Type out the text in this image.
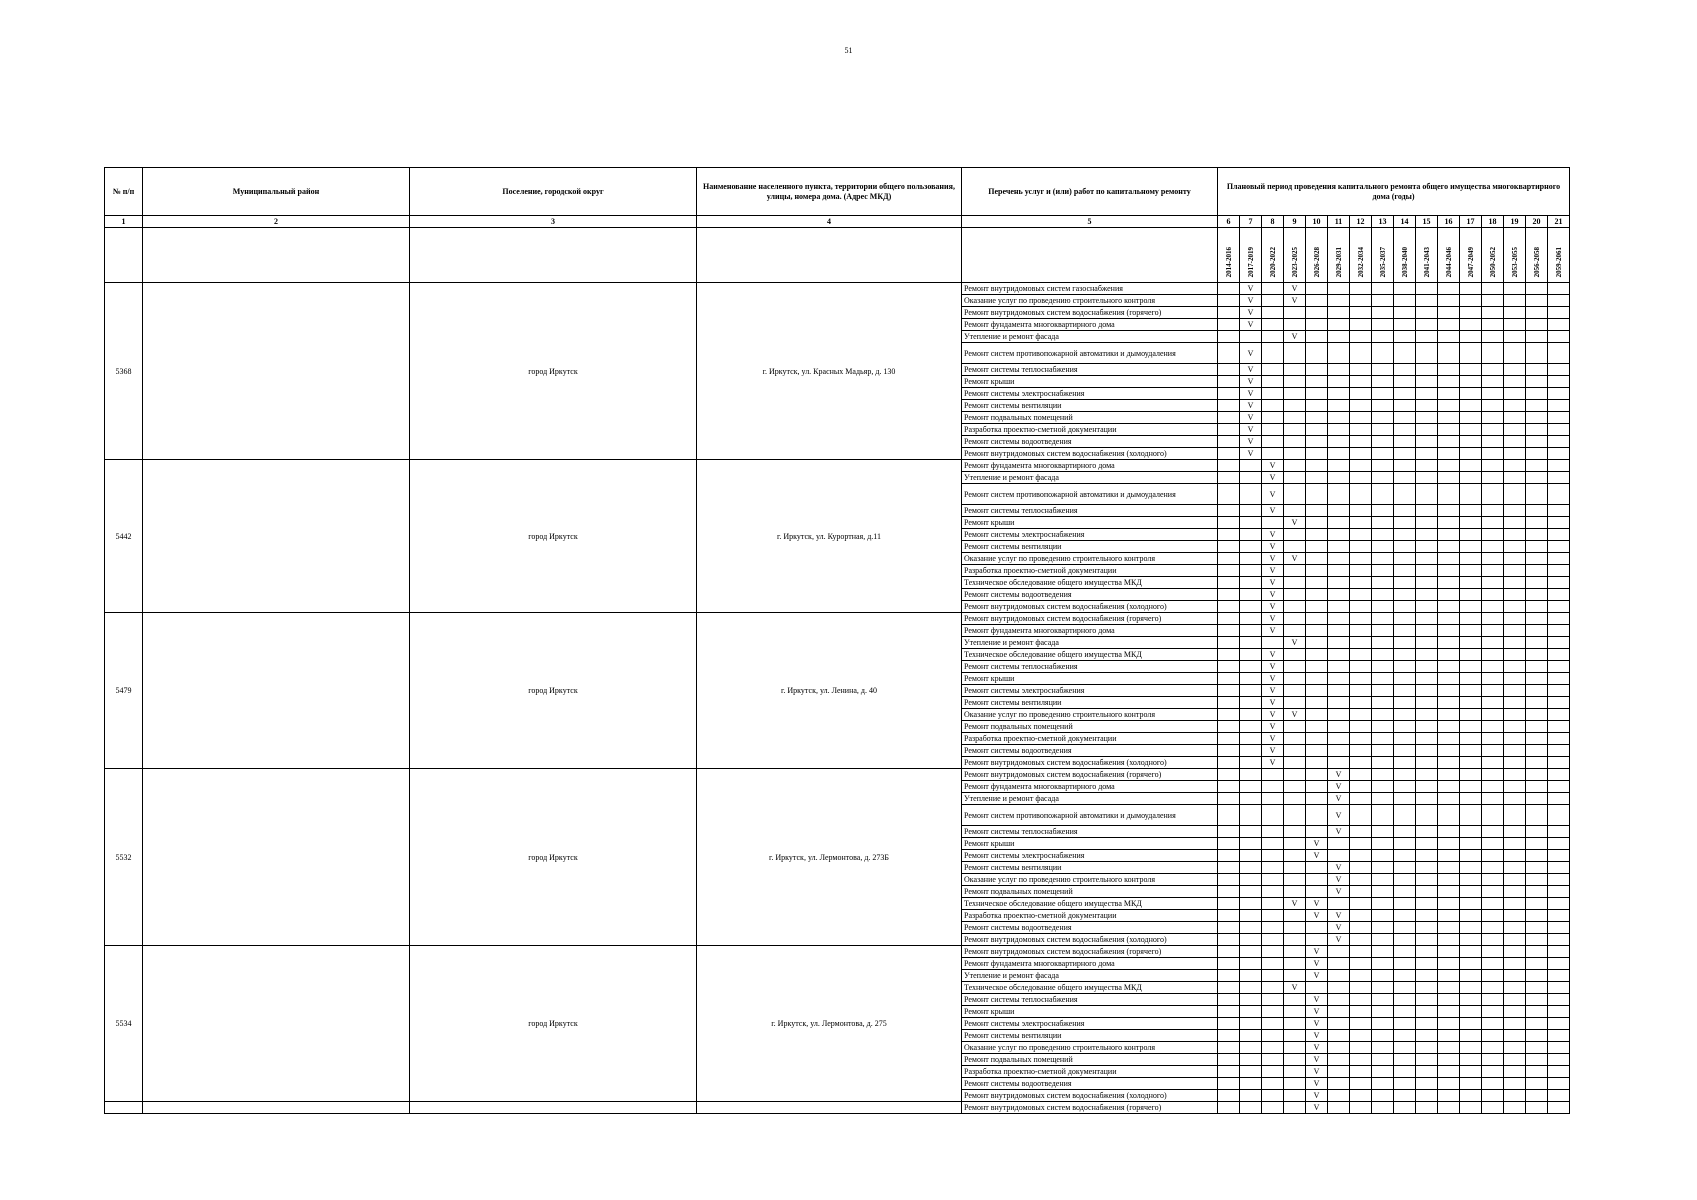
51
№ п/п	Муниципальный район	Поселение, городской округ	Наименование населенного пункта, территории общего пользования, улицы, номера дома. (Адрес МКД)	Перечень услуг и (или) работ по капитальному ремонту	Плановый период проведения капитального ремонта общего имущества многоквартирного дома (годы)															

1	2	3	4	5	6	7	8	9	10	11	12	13	14	15	16	17	18	19	20	21
					2014-2016	2017-2019	2020-2022	2023-2025	2026-2028	2029-2031	2032-2034	2035-2037	2038-2040	2041-2043	2044-2046	2047-2049	2050-2052	2053-2055	2056-2058	2059-2061
5368		город Иркутск	г. Иркутск, ул. Красных Мадьяр, д. 130	Ремонт внутридомовых систем газоснабжения		V		V												
				Оказание услуг по проведению строительного контроля		V		V												
				Ремонт внутридомовых систем водоснабжения (горячего)		V														
				Ремонт фундамента многоквартирного дома		V														
				Утепление и ремонт фасада				V												
				Ремонт систем противопожарной автоматики и дымоудаления		V														
				Ремонт системы теплоснабжения		V														
				Ремонт крыши		V														
				Ремонт системы электроснабжения		V														
				Ремонт системы вентиляции		V														
				Ремонт подвальных помещений		V														
				Разработка проектно-сметной документации		V														
				Ремонт системы водоотведения		V														
				Ремонт внутридомовых систем водоснабжения (холодного)		V														
5442		город Иркутск	г. Иркутск, ул. Курортная, д.11	Ремонт фундамента многоквартирного дома			V													
				Утепление и ремонт фасада			V													
				Ремонт систем противопожарной автоматики и дымоудаления			V													
				Ремонт системы теплоснабжения			V													
				Ремонт крыши				V												
				Ремонт системы электроснабжения			V													
				Ремонт системы вентиляции			V													
				Оказание услуг по проведению строительного контроля			V	V												
				Разработка проектно-сметной документации			V													
				Техническое обследование общего имущества МКД			V													
				Ремонт системы водоотведения			V													
				Ремонт внутридомовых систем водоснабжения (холодного)			V													
5479		город Иркутск	г. Иркутск, ул. Ленина, д. 40	Ремонт внутридомовых систем водоснабжения (горячего)			V													
				Ремонт фундамента многоквартирного дома			V													
				Утепление и ремонт фасада				V												
				Техническое обследование общего имущества МКД			V													
				Ремонт системы теплоснабжения			V													
				Ремонт крыши			V													
				Ремонт системы электроснабжения			V													
				Ремонт системы вентиляции			V													
				Оказание услуг по проведению строительного контроля			V	V												
				Ремонт подвальных помещений			V													
				Разработка проектно-сметной документации			V													
				Ремонт системы водоотведения			V													
				Ремонт внутридомовых систем водоснабжения (холодного)			V													
5532		город Иркутск	г. Иркутск, ул. Лермонтова, д. 273Б	Ремонт внутридомовых систем водоснабжения (горячего)						V										
				Ремонт фундамента многоквартирного дома						V										
				Утепление и ремонт фасада						V										
				Ремонт систем противопожарной автоматики и дымоудаления						V										
				Ремонт системы теплоснабжения						V										
				Ремонт крыши					V											
				Ремонт системы электроснабжения					V											
				Ремонт системы вентиляции						V										
				Оказание услуг по проведению строительного контроля						V										
				Ремонт подвальных помещений						V										
				Техническое обследование общего имущества МКД				V	V											
				Разработка проектно-сметной документации					V	V										
				Ремонт системы водоотведения						V										
				Ремонт внутридомовых систем водоснабжения (холодного)						V										
5534		город Иркутск	г. Иркутск, ул. Лермонтова, д. 275	Ремонт внутридомовых систем водоснабжения (горячего)					V											
				Ремонт фундамента многоквартирного дома					V											
				Утепление и ремонт фасада					V											
				Техническое обследование общего имущества МКД				V												
				Ремонт системы теплоснабжения					V											
				Ремонт крыши					V											
				Ремонт системы электроснабжения					V											
				Ремонт системы вентиляции					V											
				Оказание услуг по проведению строительного контроля					V											
				Ремонт подвальных помещений					V											
				Разработка проектно-сметной документации					V											
				Ремонт системы водоотведения					V											
				Ремонт внутридомовых систем водоснабжения (холодного)					V											
				Ремонт внутридомовых систем водоснабжения (горячего)					V											
